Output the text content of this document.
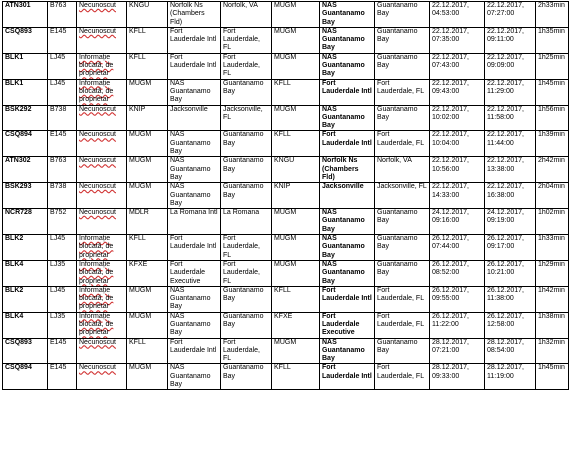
ATN301	B763	Necunoscut	KNGU	Norfolk Ns (Chambers Fld)	Norfolk, VA	MUGM	NAS Guantanamo Bay	Guantanamo Bay	22.12.2017, 04:53:00	22.12.2017, 07:27:00	2h33min
CSQ893	E145	Necunoscut	KFLL	Fort Lauderdale Intl	Fort Lauderdale, FL	MUGM	NAS Guantanamo Bay	Guantanamo Bay	22.12.2017, 07:35:00	22.12.2017, 09:11:00	1h35min
BLK1	LJ45	Informație blocată, de proprietar	KFLL	Fort Lauderdale Intl	Fort Lauderdale, FL	MUGM	NAS Guantanamo Bay	Guantanamo Bay	22.12.2017, 07:43:00	22.12.2017, 09:09:00	1h25min
BLK1	LJ45	Informație blocată, de proprietar	MUGM	NAS Guantanamo Bay	Guantanamo Bay	KFLL	Fort Lauderdale Intl	Fort Lauderdale, FL	22.12.2017, 09:43:00	22.12.2017, 11:29:00	1h45min
BSK292	B738	Necunoscut	KNIP	Jacksonville	Jacksonville, FL	MUGM	NAS Guantanamo Bay	Guantanamo Bay	22.12.2017, 10:02:00	22.12.2017, 11:58:00	1h56min
CSQ894	E145	Necunoscut	MUGM	NAS Guantanamo Bay	Guantanamo Bay	KFLL	Fort Lauderdale Intl	Fort Lauderdale, FL	22.12.2017, 10:04:00	22.12.2017, 11:44:00	1h39min
ATN302	B763	Necunoscut	MUGM	NAS Guantanamo Bay	Guantanamo Bay	KNGU	Norfolk Ns (Chambers Fld)	Norfolk, VA	22.12.2017, 10:56:00	22.12.2017, 13:38:00	2h42min
BSK293	B738	Necunoscut	MUGM	NAS Guantanamo Bay	Guantanamo Bay	KNIP	Jacksonville	Jacksonville, FL	22.12.2017, 14:33:00	22.12.2017, 16:38:00	2h04min
NCR728	B752	Necunoscut	MDLR	La Romana Intl	La Romana	MUGM	NAS Guantanamo Bay	Guantanamo Bay	24.12.2017, 09:16:00	24.12.2017, 09:19:00	1h02min
BLK2	LJ45	Informație blocată, de proprietar	KFLL	Fort Lauderdale Intl	Fort Lauderdale, FL	MUGM	NAS Guantanamo Bay	Guantanamo Bay	26.12.2017, 07:44:00	26.12.2017, 09:17:00	1h33min
BLK4	LJ35	Informație blocată, de proprietar	KFXE	Fort Lauderdale Executive	Fort Lauderdale, FL	MUGM	NAS Guantanamo Bay	Guantanamo Bay	26.12.2017, 08:52:00	26.12.2017, 10:21:00	1h29min
BLK2	LJ45	Informație blocată, de proprietar	MUGM	NAS Guantanamo Bay	Guantanamo Bay	KFLL	Fort Lauderdale Intl	Fort Lauderdale, FL	26.12.2017, 09:55:00	26.12.2017, 11:38:00	1h42min
BLK4	LJ35	Informație blocată, de proprietar	MUGM	NAS Guantanamo Bay	Guantanamo Bay	KFXE	Fort Lauderdale Executive	Fort Lauderdale, FL	26.12.2017, 11:22:00	26.12.2017, 12:58:00	1h38min
CSQ893	E145	Necunoscut	KFLL	Fort Lauderdale Intl	Fort Lauderdale, FL	MUGM	NAS Guantanamo Bay	Guantanamo Bay	28.12.2017, 07:21:00	28.12.2017, 08:54:00	1h32min
CSQ894	E145	Necunoscut	MUGM	NAS Guantanamo Bay	Guantanamo Bay	KFLL	Fort Lauderdale Intl	Fort Lauderdale, FL	28.12.2017, 09:33:00	28.12.2017, 11:19:00	1h45min
